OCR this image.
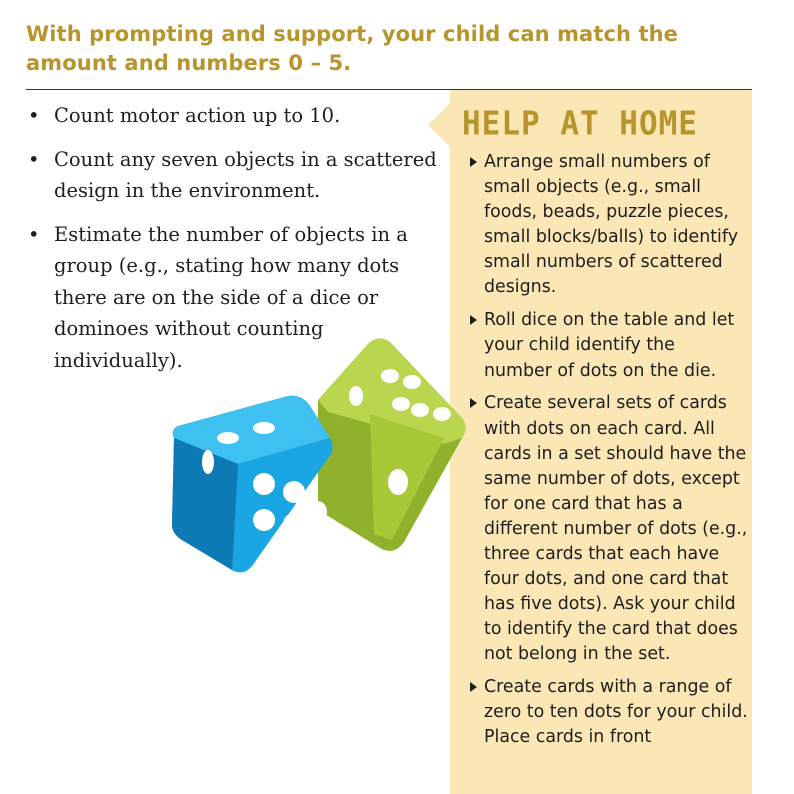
With prompting and support, your child can match the amount and numbers 0 – 5.
• Count motor action up to 10.
• Count any seven objects in a scattered design in the environment.
• Estimate the number of objects in a group (e.g., stating how many dots there are on the side of a dice or dominoes without counting individually).
HELP AT HOME
Arrange small numbers of small objects (e.g., small foods, beads, puzzle pieces, small blocks/balls) to identify small numbers of scattered designs.
Roll dice on the table and let your child identify the number of dots on the die.
Create several sets of cards with dots on each card. All cards in a set should have the same number of dots, except for one card that has a different number of dots (e.g., three cards that each have four dots, and one card that has five dots). Ask your child to identify the card that does not belong in the set.
Create cards with a range of zero to ten dots for your child. Place cards in front
